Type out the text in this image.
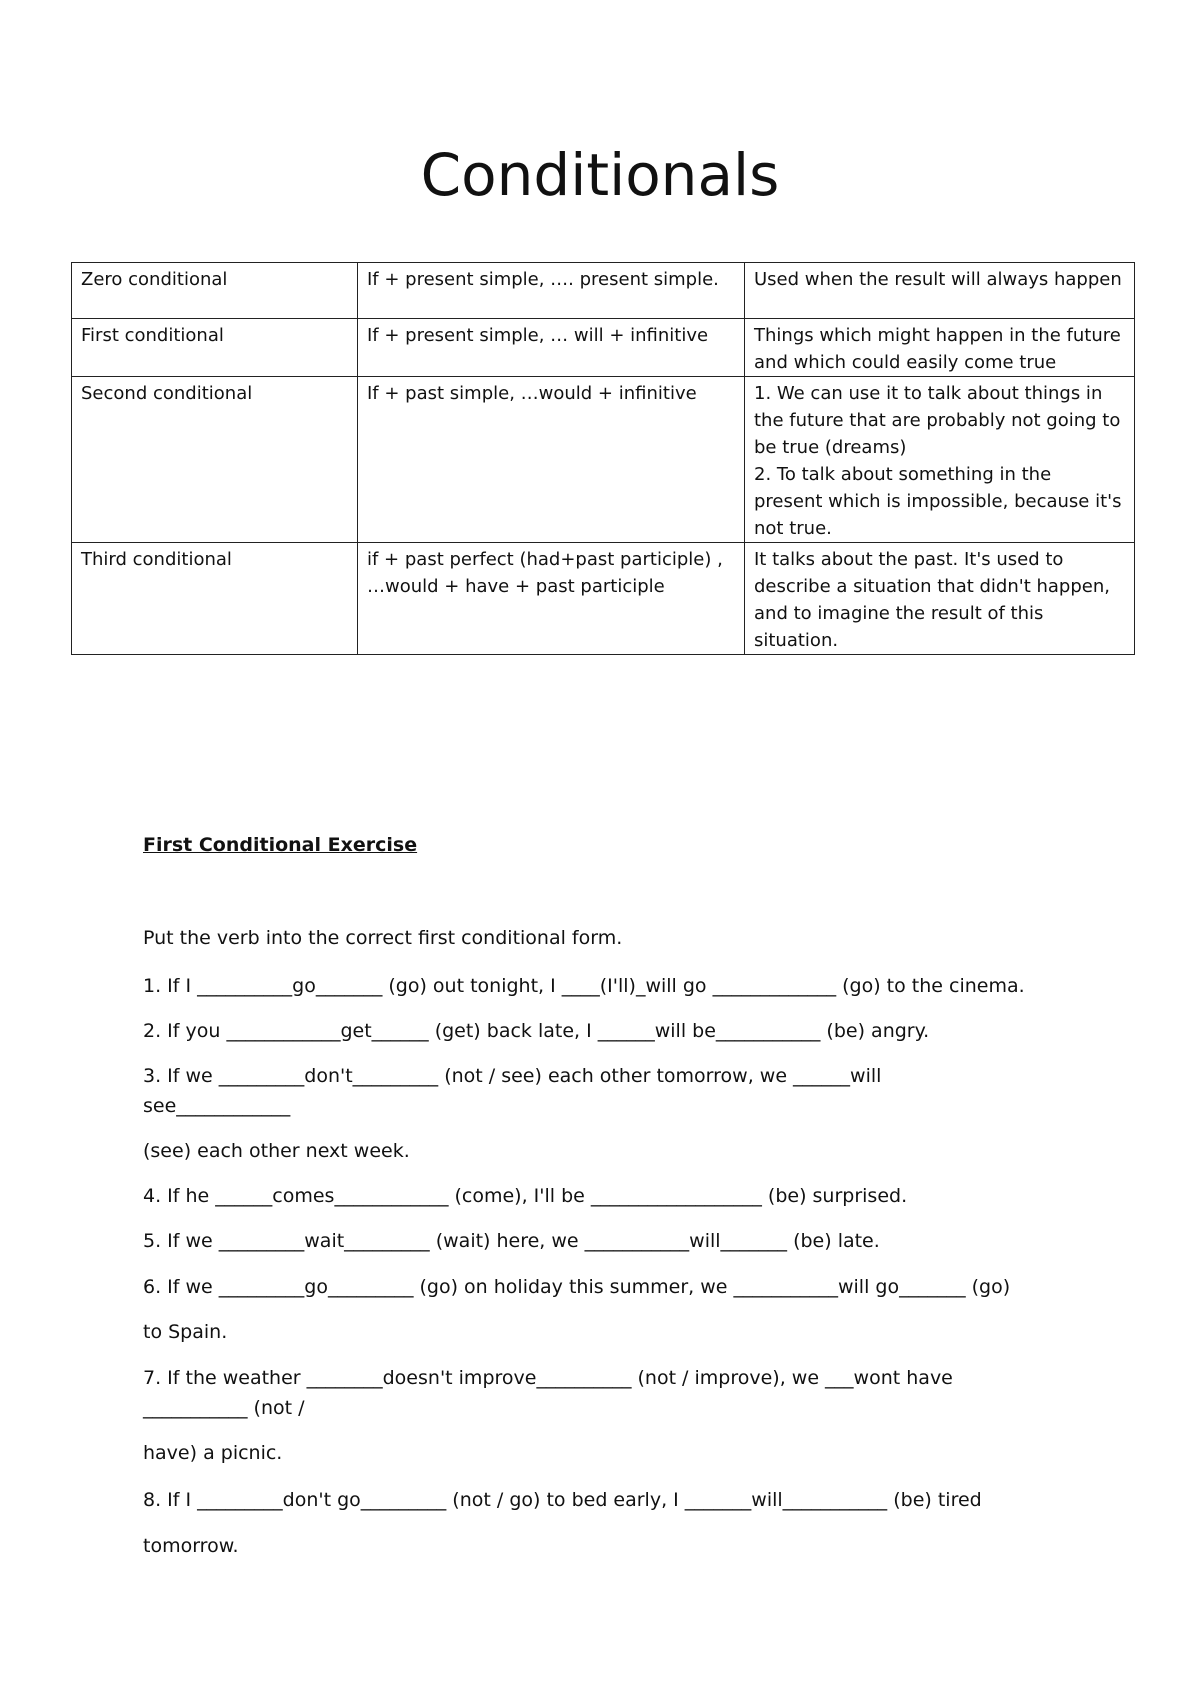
Conditionals
Zero conditional	If + present simple, …. present simple.	Used when the result will always happen

First conditional	If + present simple, … will + infinitive	Things which might happen in the future and which could easily come true

Second conditional	If + past simple, …would + infinitive	1. We can use it to talk about things in the future that are probably not going to be true (dreams)
2. To talk about something in the present which is impossible, because it's not true.

Third conditional	if + past perfect (had+past participle) , …would + have + past participle	It talks about the past. It's used to describe a situation that didn't happen, and to imagine the result of this situation.
First Conditional Exercise
Put the verb into the correct first conditional form.
1. If I __________go_______ (go) out tonight, I ____(I'll)_will go _____________ (go) to the cinema.
2. If you ____________get______ (get) back late, I ______will be___________ (be) angry.
3. If we _________don't_________ (not / see) each other tomorrow, we ______will
see____________
(see) each other next week.
4. If he ______comes____________ (come), I'll be __________________ (be) surprised.
5. If we _________wait_________ (wait) here, we ___________will_______ (be) late.
6. If we _________go_________ (go) on holiday this summer, we ___________will go_______ (go)
to Spain.
7. If the weather ________doesn't improve__________ (not / improve), we ___wont have
___________ (not /
have) a picnic.
8. If I _________don't go_________ (not / go) to bed early, I _______will___________ (be) tired
tomorrow.
